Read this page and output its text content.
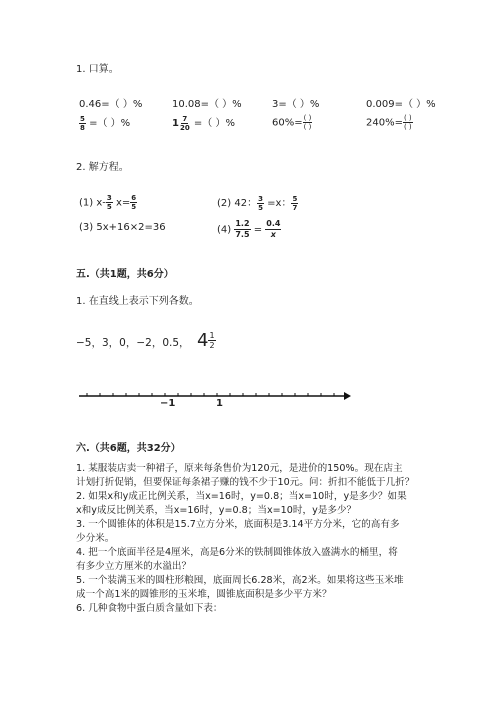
1. 口算。
0.46=（ ）%	10.08=（ ）%	3=（ ）%	0.009=（ ）%
$\frac{5}{8}$ =（ ）%	$1 \frac{7}{20}$ =（ ）%	$60\%= \frac{( )}{( )}$	$240\%= \frac{( )}{( )}$
2. 解方程。
(1) $x- \frac{3}{5} x= \frac{6}{5}$	(2) 42： $\frac{3}{5} =x$： $\frac{5}{7}$
(3) 5x+16×2=36	$(4) \frac{1.2}{7.5} = \frac{0.4}{x}$
五.（共1题，共6分）
1. 在直线上表示下列各数。
−5，3，0，−2，0.5， $4 \frac{1}{2}$
−1	1
六.（共6题，共32分）
1. 某服装店卖一种裙子，原来每条售价为120元，是进价的150%。现在店主
计划打折促销，但要保证每条裙子赚的钱不少于10元。问：折扣不能低于几折？
2. 如果x和y成正比例关系，当x=16时，y=0.8；当x=10时，y是多少？如果
x和y成反比例关系，当x=16时，y=0.8；当x=10时，y是多少？
3. 一个圆锥体的体积是15.7立方分米，底面积是3.14平方分米，它的高有多
少分米。
4. 把一个底面半径是4厘米，高是6分米的铁制圆锥体放入盛满水的桶里，将
有多少立方厘米的水溢出？
5. 一个装满玉米的圆柱形粮囤，底面周长6.28米，高2米。如果将这些玉米堆
成一个高1米的圆锥形的玉米堆，圆锥底面积是多少平方米？
6. 几种食物中蛋白质含量如下表：
